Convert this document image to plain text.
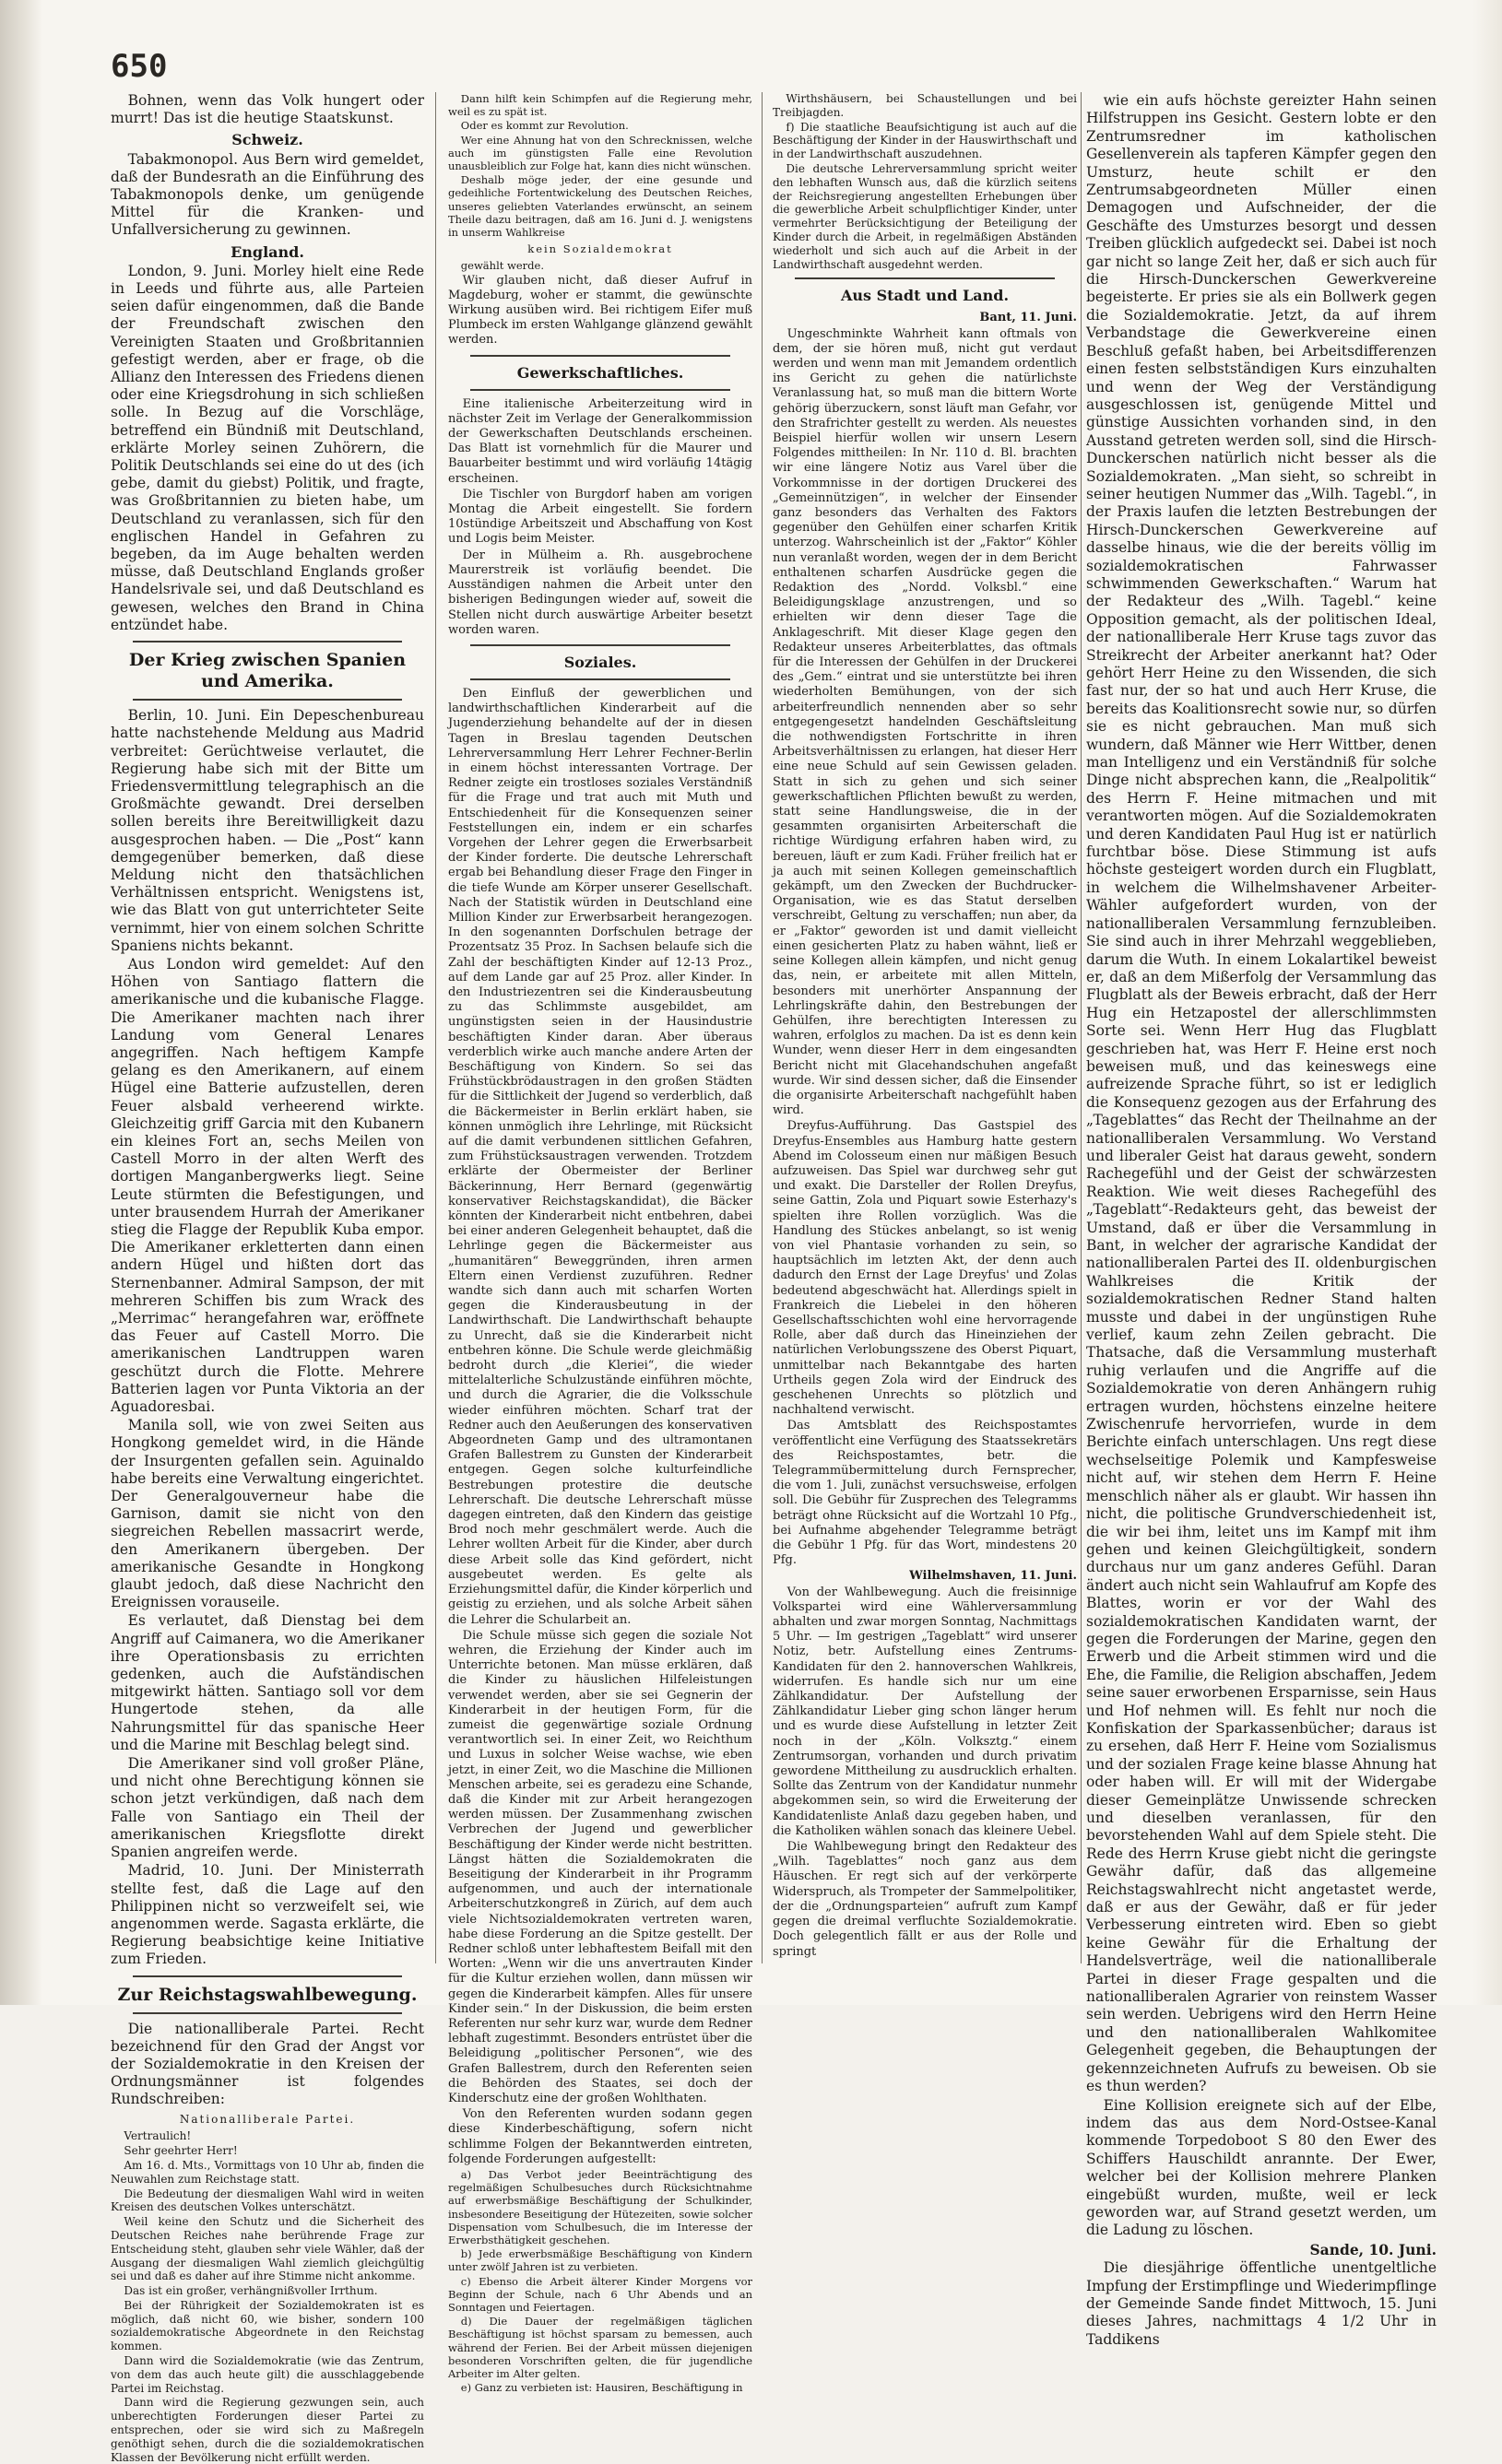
650

Bohnen, wenn das Volk hungert oder murrt! Das ist die heutige Staatskunst.

Schweiz.

Tabakmonopol. Aus Bern wird gemeldet, daß der Bundesrath an die Einführung des Tabakmonopols denke, um genügende Mittel für die Kranken- und Unfallversicherung zu gewinnen.

England.

London, 9. Juni. Morley hielt eine Rede in Leeds und führte aus, alle Parteien seien dafür eingenommen, daß die Bande der Freundschaft zwischen den Vereinigten Staaten und Großbritannien gefestigt werden, aber er frage, ob die Allianz den Interessen des Friedens dienen oder eine Kriegsdrohung in sich schließen solle. In Bezug auf die Vorschläge, betreffend ein Bündniß mit Deutschland, erklärte Morley seinen Zuhörern, die Politik Deutschlands sei eine do ut des (ich gebe, damit du giebst) Politik, und fragte, was Großbritannien zu bieten habe, um Deutschland zu veranlassen, sich für den englischen Handel in Gefahren zu begeben, da im Auge behalten werden müsse, daß Deutschland Englands großer Handelsrivale sei, und daß Deutschland es gewesen, welches den Brand in China entzündet habe.

Der Krieg zwischen Spanien und Amerika.

Berlin, 10. Juni. Ein Depeschenbureau hatte nachstehende Meldung aus Madrid verbreitet: Gerüchtweise verlautet, die Regierung habe sich mit der Bitte um Friedensvermittlung telegraphisch an die Großmächte gewandt. Drei derselben sollen bereits ihre Bereitwilligkeit dazu ausgesprochen haben. — Die „Post“ kann demgegenüber bemerken, daß diese Meldung nicht den thatsächlichen Verhältnissen entspricht. Wenigstens ist, wie das Blatt von gut unterrichteter Seite vernimmt, hier von einem solchen Schritte Spaniens nichts bekannt.

Aus London wird gemeldet: Auf den Höhen von Santiago flattern die amerikanische und die kubanische Flagge. Die Amerikaner machten nach ihrer Landung vom General Lenares angegriffen. Nach heftigem Kampfe gelang es den Amerikanern, auf einem Hügel eine Batterie aufzustellen, deren Feuer alsbald verheerend wirkte. Gleichzeitig griff Garcia mit den Kubanern ein kleines Fort an, sechs Meilen von Castell Morro in der alten Werft des dortigen Manganbergwerks liegt. Seine Leute stürmten die Befestigungen, und unter brausendem Hurrah der Amerikaner stieg die Flagge der Republik Kuba empor. Die Amerikaner erkletterten dann einen andern Hügel und hißten dort das Sternenbanner. Admiral Sampson, der mit mehreren Schiffen bis zum Wrack des „Merrimac“ herangefahren war, eröffnete das Feuer auf Castell Morro. Die amerikanischen Landtruppen waren geschützt durch die Flotte. Mehrere Batterien lagen vor Punta Viktoria an der Aguadoresbai.

Manila soll, wie von zwei Seiten aus Hongkong gemeldet wird, in die Hände der Insurgenten gefallen sein. Aguinaldo habe bereits eine Verwaltung eingerichtet. Der Generalgouverneur habe die Garnison, damit sie nicht von den siegreichen Rebellen massacrirt werde, den Amerikanern übergeben. Der amerikanische Gesandte in Hongkong glaubt jedoch, daß diese Nachricht den Ereignissen vorauseile.

Es verlautet, daß Dienstag bei dem Angriff auf Caimanera, wo die Amerikaner ihre Operationsbasis zu errichten gedenken, auch die Aufständischen mitgewirkt hätten. Santiago soll vor dem Hungertode stehen, da alle Nahrungsmittel für das spanische Heer und die Marine mit Beschlag belegt sind.

Die Amerikaner sind voll großer Pläne, und nicht ohne Berechtigung können sie schon jetzt verkündigen, daß nach dem Falle von Santiago ein Theil der amerikanischen Kriegsflotte direkt Spanien angreifen werde.

Madrid, 10. Juni. Der Ministerrath stellte fest, daß die Lage auf den Philippinen nicht so verzweifelt sei, wie angenommen werde. Sagasta erklärte, die Regierung beabsichtige keine Initiative zum Frieden.

Zur Reichstagswahlbewegung.

Die nationalliberale Partei. Recht bezeichnend für den Grad der Angst vor der Sozialdemokratie in den Kreisen der Ordnungsmänner ist folgendes Rundschreiben:

Nationalliberale Partei.

Vertraulich!

Sehr geehrter Herr!

Am 16. d. Mts., Vormittags von 10 Uhr ab, finden die Neuwahlen zum Reichstage statt.

Die Bedeutung der diesmaligen Wahl wird in weiten Kreisen des deutschen Volkes unterschätzt.

Weil keine den Schutz und die Sicherheit des Deutschen Reiches nahe berührende Frage zur Entscheidung steht, glauben sehr viele Wähler, daß der Ausgang der diesmaligen Wahl ziemlich gleichgültig sei und daß es daher auf ihre Stimme nicht ankomme.

Das ist ein großer, verhängnißvoller Irrthum.

Bei der Rührigkeit der Sozialdemokraten ist es möglich, daß nicht 60, wie bisher, sondern 100 sozialdemokratische Abgeordnete in den Reichstag kommen.

Dann wird die Sozialdemokratie (wie das Zentrum, von dem das auch heute gilt) die ausschlaggebende Partei im Reichstag.

Dann wird die Regierung gezwungen sein, auch unberechtigten Forderungen dieser Partei zu entsprechen, oder sie wird sich zu Maßregeln genöthigt sehen, durch die die sozialdemokratischen Klassen der Bevölkerung nicht erfüllt werden.

Dann hilft kein Schimpfen auf die Regierung mehr, weil es zu spät ist.

Oder es kommt zur Revolution.

Wer eine Ahnung hat von den Schrecknissen, welche auch im günstigsten Falle eine Revolution unausbleiblich zur Folge hat, kann dies nicht wünschen.

Deshalb möge jeder, der eine gesunde und gedeihliche Fortentwickelung des Deutschen Reiches, unseres geliebten Vaterlandes erwünscht, an seinem Theile dazu beitragen, daß am 16. Juni d. J. wenigstens in unserm Wahlkreise

kein Sozialdemokrat

gewählt werde.

Wir glauben nicht, daß dieser Aufruf in Magdeburg, woher er stammt, die gewünschte Wirkung ausüben wird. Bei richtigem Eifer muß Plumbeck im ersten Wahlgange glänzend gewählt werden.

Gewerkschaftliches.

Eine italienische Arbeiterzeitung wird in nächster Zeit im Verlage der Generalkommission der Gewerkschaften Deutschlands erscheinen. Das Blatt ist vornehmlich für die Maurer und Bauarbeiter bestimmt und wird vorläufig 14tägig erscheinen.

Die Tischler von Burgdorf haben am vorigen Montag die Arbeit eingestellt. Sie fordern 10stündige Arbeitszeit und Abschaffung von Kost und Logis beim Meister.

Der in Mülheim a. Rh. ausgebrochene Maurerstreik ist vorläufig beendet. Die Ausständigen nahmen die Arbeit unter den bisherigen Bedingungen wieder auf, soweit die Stellen nicht durch auswärtige Arbeiter besetzt worden waren.

Soziales.

Den Einfluß der gewerblichen und landwirthschaftlichen Kinderarbeit auf die Jugenderziehung behandelte auf der in diesen Tagen in Breslau tagenden Deutschen Lehrerversammlung Herr Lehrer Fechner-Berlin in einem höchst interessanten Vortrage. Der Redner zeigte ein trostloses soziales Verständniß für die Frage und trat auch mit Muth und Entschiedenheit für die Konsequenzen seiner Feststellungen ein, indem er ein scharfes Vorgehen der Lehrer gegen die Erwerbsarbeit der Kinder forderte. Die deutsche Lehrerschaft ergab bei Behandlung dieser Frage den Finger in die tiefe Wunde am Körper unserer Gesellschaft. Nach der Statistik würden in Deutschland eine Million Kinder zur Erwerbsarbeit herangezogen. In den sogenannten Dorfschulen betrage der Prozentsatz 35 Proz. In Sachsen belaufe sich die Zahl der beschäftigten Kinder auf 12-13 Proz., auf dem Lande gar auf 25 Proz. aller Kinder. In den Industriezentren sei die Kinderausbeutung zu das Schlimmste ausgebildet, am ungünstigsten seien in der Hausindustrie beschäftigten Kinder daran. Aber überaus verderblich wirke auch manche andere Arten der Beschäftigung von Kindern. So sei das Frühstückbrödaustragen in den großen Städten für die Sittlichkeit der Jugend so verderblich, daß die Bäckermeister in Berlin erklärt haben, sie können unmöglich ihre Lehrlinge, mit Rücksicht auf die damit verbundenen sittlichen Gefahren, zum Frühstücksaustragen verwenden. Trotzdem erklärte der Obermeister der Berliner Bäckerinnung, Herr Bernard (gegenwärtig konservativer Reichstagskandidat), die Bäcker könnten der Kinderarbeit nicht entbehren, dabei bei einer anderen Gelegenheit behauptet, daß die Lehrlinge gegen die Bäckermeister aus „humanitären“ Beweggründen, ihren armen Eltern einen Verdienst zuzuführen. Redner wandte sich dann auch mit scharfen Worten gegen die Kinderausbeutung in der Landwirthschaft. Die Landwirthschaft behaupte zu Unrecht, daß sie die Kinderarbeit nicht entbehren könne. Die Schule werde gleichmäßig bedroht durch „die Kleriei“, die wieder mittelalterliche Schulzustände einführen möchte, und durch die Agrarier, die die Volksschule wieder einführen möchten. Scharf trat der Redner auch den Aeußerungen des konservativen Abgeordneten Gamp und des ultramontanen Grafen Ballestrem zu Gunsten der Kinderarbeit entgegen. Gegen solche kulturfeindliche Bestrebungen protestire die deutsche Lehrerschaft. Die deutsche Lehrerschaft müsse dagegen eintreten, daß den Kindern das geistige Brod noch mehr geschmälert werde. Auch die Lehrer wollten Arbeit für die Kinder, aber durch diese Arbeit solle das Kind gefördert, nicht ausgebeutet werden. Es gelte als Erziehungsmittel dafür, die Kinder körperlich und geistig zu erziehen, und als solche Arbeit sähen die Lehrer die Schularbeit an.

Die Schule müsse sich gegen die soziale Not wehren, die Erziehung der Kinder auch im Unterrichte betonen. Man müsse erklären, daß die Kinder zu häuslichen Hilfeleistungen verwendet werden, aber sie sei Gegnerin der Kinderarbeit in der heutigen Form, für die zumeist die gegenwärtige soziale Ordnung verantwortlich sei. In einer Zeit, wo Reichthum und Luxus in solcher Weise wachse, wie eben jetzt, in einer Zeit, wo die Maschine die Millionen Menschen arbeite, sei es geradezu eine Schande, daß die Kinder mit zur Arbeit herangezogen werden müssen. Der Zusammenhang zwischen Verbrechen der Jugend und gewerblicher Beschäftigung der Kinder werde nicht bestritten. Längst hätten die Sozialdemokraten die Beseitigung der Kinderarbeit in ihr Programm aufgenommen, und auch der internationale Arbeiterschutzkongreß in Zürich, auf dem auch viele Nichtsozialdemokraten vertreten waren, habe diese Forderung an die Spitze gestellt. Der Redner schloß unter lebhaftestem Beifall mit den Worten: „Wenn wir die uns anvertrauten Kinder für die Kultur erziehen wollen, dann müssen wir gegen die Kinderarbeit kämpfen. Alles für unsere Kinder sein.“ In der Diskussion, die beim ersten Referenten nur sehr kurz war, wurde dem Redner lebhaft zugestimmt. Besonders entrüstet über die Beleidigung „politischer Personen“, wie des Grafen Ballestrem, durch den Referenten seien die Behörden des Staates, sei doch der Kinderschutz eine der großen Wohlthaten.

Von den Referenten wurden sodann gegen diese Kinderbeschäftigung, sofern nicht schlimme Folgen der Bekanntwerden eintreten, folgende Forderungen aufgestellt:

a) Das Verbot jeder Beeinträchtigung des regelmäßigen Schulbesuches durch Rücksichtnahme auf erwerbsmäßige Beschäftigung der Schulkinder, insbesondere Beseitigung der Hütezeiten, sowie solcher Dispensation vom Schulbesuch, die im Interesse der Erwerbsthätigkeit geschehen.

b) Jede erwerbsmäßige Beschäftigung von Kindern unter zwölf Jahren ist zu verbieten.

c) Ebenso die Arbeit älterer Kinder Morgens vor Beginn der Schule, nach 6 Uhr Abends und an Sonntagen und Feiertagen.

d) Die Dauer der regelmäßigen täglichen Beschäftigung ist höchst sparsam zu bemessen, auch während der Ferien. Bei der Arbeit müssen diejenigen besonderen Vorschriften gelten, die für jugendliche Arbeiter im Alter gelten.

e) Ganz zu verbieten ist: Hausiren, Beschäftigung in

Wirthshäusern, bei Schaustellungen und bei Treibjagden.

f) Die staatliche Beaufsichtigung ist auch auf die Beschäftigung der Kinder in der Hauswirthschaft und in der Landwirthschaft auszudehnen.

Die deutsche Lehrerversammlung spricht weiter den lebhaften Wunsch aus, daß die kürzlich seitens der Reichsregierung angestellten Erhebungen über die gewerbliche Arbeit schulpflichtiger Kinder, unter vermehrter Berücksichtigung der Beteiligung der Kinder durch die Arbeit, in regelmäßigen Abständen wiederholt und sich auch auf die Arbeit in der Landwirthschaft ausgedehnt werden.

Aus Stadt und Land.

Bant, 11. Juni.

Ungeschminkte Wahrheit kann oftmals von dem, der sie hören muß, nicht gut verdaut werden und wenn man mit Jemandem ordentlich ins Gericht zu gehen die natürlichste Veranlassung hat, so muß man die bittern Worte gehörig überzuckern, sonst läuft man Gefahr, vor den Strafrichter gestellt zu werden. Als neuestes Beispiel hierfür wollen wir unsern Lesern Folgendes mittheilen: In Nr. 110 d. Bl. brachten wir eine längere Notiz aus Varel über die Vorkommnisse in der dortigen Druckerei des „Gemeinnützigen“, in welcher der Einsender ganz besonders das Verhalten des Faktors gegenüber den Gehülfen einer scharfen Kritik unterzog. Wahrscheinlich ist der „Faktor“ Köhler nun veranlaßt worden, wegen der in dem Bericht enthaltenen scharfen Ausdrücke gegen die Redaktion des „Nordd. Volksbl.“ eine Beleidigungsklage anzustrengen, und so erhielten wir denn dieser Tage die Anklageschrift. Mit dieser Klage gegen den Redakteur unseres Arbeiterblattes, das oftmals für die Interessen der Gehülfen in der Druckerei des „Gem.“ eintrat und sie unterstützte bei ihren wiederholten Bemühungen, von der sich arbeiterfreundlich nennenden aber so sehr entgegengesetzt handelnden Geschäftsleitung die nothwendigsten Fortschritte in ihren Arbeitsverhältnissen zu erlangen, hat dieser Herr eine neue Schuld auf sein Gewissen geladen. Statt in sich zu gehen und sich seiner gewerkschaftlichen Pflichten bewußt zu werden, statt seine Handlungsweise, die in der gesammten organisirten Arbeiterschaft die richtige Würdigung erfahren haben wird, zu bereuen, läuft er zum Kadi. Früher freilich hat er ja auch mit seinen Kollegen gemeinschaftlich gekämpft, um den Zwecken der Buchdrucker-Organisation, wie es das Statut derselben verschreibt, Geltung zu verschaffen; nun aber, da er „Faktor“ geworden ist und damit vielleicht einen gesicherten Platz zu haben wähnt, ließ er seine Kollegen allein kämpfen, und nicht genug das, nein, er arbeitete mit allen Mitteln, besonders mit unerhörter Anspannung der Lehrlingskräfte dahin, den Bestrebungen der Gehülfen, ihre berechtigten Interessen zu wahren, erfolglos zu machen. Da ist es denn kein Wunder, wenn dieser Herr in dem eingesandten Bericht nicht mit Glacehandschuhen angefaßt wurde. Wir sind dessen sicher, daß die Einsender die organisirte Arbeiterschaft nachgefühlt haben wird.

Dreyfus-Aufführung. Das Gastspiel des Dreyfus-Ensembles aus Hamburg hatte gestern Abend im Colosseum einen nur mäßigen Besuch aufzuweisen. Das Spiel war durchweg sehr gut und exakt. Die Darsteller der Rollen Dreyfus, seine Gattin, Zola und Piquart sowie Esterhazy's spielten ihre Rollen vorzüglich. Was die Handlung des Stückes anbelangt, so ist wenig von viel Phantasie vorhanden zu sein, so hauptsächlich im letzten Akt, der denn auch dadurch den Ernst der Lage Dreyfus' und Zolas bedeutend abgeschwächt hat. Allerdings spielt in Frankreich die Liebelei in den höheren Gesellschaftsschichten wohl eine hervorragende Rolle, aber daß durch das Hineinziehen der natürlichen Verlobungsszene des Oberst Piquart, unmittelbar nach Bekanntgabe des harten Urtheils gegen Zola wird der Eindruck des geschehenen Unrechts so plötzlich und nachhaltend verwischt.

Das Amtsblatt des Reichspostamtes veröffentlicht eine Verfügung des Staatssekretärs des Reichspostamtes, betr. die Telegrammübermittelung durch Fernsprecher, die vom 1. Juli, zunächst versuchsweise, erfolgen soll. Die Gebühr für Zusprechen des Telegramms beträgt ohne Rücksicht auf die Wortzahl 10 Pfg., bei Aufnahme abgehender Telegramme beträgt die Gebühr 1 Pfg. für das Wort, mindestens 20 Pfg.

Wilhelmshaven, 11. Juni.

Von der Wahlbewegung. Auch die freisinnige Volkspartei wird eine Wählerversammlung abhalten und zwar morgen Sonntag, Nachmittags 5 Uhr. — Im gestrigen „Tageblatt“ wird unserer Notiz, betr. Aufstellung eines Zentrums-Kandidaten für den 2. hannoverschen Wahlkreis, widerrufen. Es handle sich nur um eine Zählkandidatur. Der Aufstellung der Zählkandidatur Lieber ging schon länger herum und es wurde diese Aufstellung in letzter Zeit noch in der „Köln. Volksztg.“ einem Zentrumsorgan, vorhanden und durch privatim gewordene Mittheilung zu ausdrucklich erhalten. Sollte das Zentrum von der Kandidatur nunmehr abgekommen sein, so wird die Erweiterung der Kandidatenliste Anlaß dazu gegeben haben, und die Katholiken wählen sonach das kleinere Uebel.

Die Wahlbewegung bringt den Redakteur des „Wilh. Tageblattes“ noch ganz aus dem Häuschen. Er regt sich auf der verkörperte Widerspruch, als Trompeter der Sammelpolitiker, der die „Ordnungsparteien“ aufruft zum Kampf gegen die dreimal verfluchte Sozialdemokratie. Doch gelegentlich fällt er aus der Rolle und springt

wie ein aufs höchste gereizter Hahn seinen Hilfstruppen ins Gesicht. Gestern lobte er den Zentrumsredner im katholischen Gesellenverein als tapferen Kämpfer gegen den Umsturz, heute schilt er den Zentrumsabgeordneten Müller einen Demagogen und Aufschneider, der die Geschäfte des Umsturzes besorgt und dessen Treiben glücklich aufgedeckt sei. Dabei ist noch gar nicht so lange Zeit her, daß er sich auch für die Hirsch-Dunckerschen Gewerkvereine begeisterte. Er pries sie als ein Bollwerk gegen die Sozialdemokratie. Jetzt, da auf ihrem Verbandstage die Gewerkvereine einen Beschluß gefaßt haben, bei Arbeitsdifferenzen einen festen selbstständigen Kurs einzuhalten und wenn der Weg der Verständigung ausgeschlossen ist, genügende Mittel und günstige Aussichten vorhanden sind, in den Ausstand getreten werden soll, sind die Hirsch-Dunckerschen natürlich nicht besser als die Sozialdemokraten. „Man sieht, so schreibt in seiner heutigen Nummer das „Wilh. Tagebl.“, in der Praxis laufen die letzten Bestrebungen der Hirsch-Dunckerschen Gewerkvereine auf dasselbe hinaus, wie die der bereits völlig im sozialdemokratischen Fahrwasser schwimmenden Gewerkschaften.“ Warum hat der Redakteur des „Wilh. Tagebl.“ keine Opposition gemacht, als der politischen Ideal, der nationalliberale Herr Kruse tags zuvor das Streikrecht der Arbeiter anerkannt hat? Oder gehört Herr Heine zu den Wissenden, die sich fast nur, der so hat und auch Herr Kruse, die bereits das Koalitionsrecht sowie nur, so dürfen sie es nicht gebrauchen. Man muß sich wundern, daß Männer wie Herr Wittber, denen man Intelligenz und ein Verständniß für solche Dinge nicht absprechen kann, die „Realpolitik“ des Herrn F. Heine mitmachen und mit verantworten mögen. Auf die Sozialdemokraten und deren Kandidaten Paul Hug ist er natürlich furchtbar böse. Diese Stimmung ist aufs höchste gesteigert worden durch ein Flugblatt, in welchem die Wilhelmshavener Arbeiter-Wähler aufgefordert wurden, von der nationalliberalen Versammlung fernzubleiben. Sie sind auch in ihrer Mehrzahl weggeblieben, darum die Wuth. In einem Lokalartikel beweist er, daß an dem Mißerfolg der Versammlung das Flugblatt als der Beweis erbracht, daß der Herr Hug ein Hetzapostel der allerschlimmsten Sorte sei. Wenn Herr Hug das Flugblatt geschrieben hat, was Herr F. Heine erst noch beweisen muß, und das keineswegs eine aufreizende Sprache führt, so ist er lediglich die Konsequenz gezogen aus der Erfahrung des „Tageblattes“ das Recht der Theilnahme an der nationalliberalen Versammlung. Wo Verstand und liberaler Geist hat daraus geweht, sondern Rachegefühl und der Geist der schwärzesten Reaktion. Wie weit dieses Rachegefühl des „Tageblatt“-Redakteurs geht, das beweist der Umstand, daß er über die Versammlung in Bant, in welcher der agrarische Kandidat der nationalliberalen Partei des II. oldenburgischen Wahlkreises die Kritik der sozialdemokratischen Redner Stand halten musste und dabei in der ungünstigen Ruhe verlief, kaum zehn Zeilen gebracht. Die Thatsache, daß die Versammlung musterhaft ruhig verlaufen und die Angriffe auf die Sozialdemokratie von deren Anhängern ruhig ertragen wurden, höchstens einzelne heitere Zwischenrufe hervorriefen, wurde in dem Berichte einfach unterschlagen. Uns regt diese wechselseitige Polemik und Kampfesweise nicht auf, wir stehen dem Herrn F. Heine menschlich näher als er glaubt. Wir hassen ihn nicht, die politische Grundverschiedenheit ist, die wir bei ihm, leitet uns im Kampf mit ihm gehen und keinen Gleichgültigkeit, sondern durchaus nur um ganz anderes Gefühl. Daran ändert auch nicht sein Wahlaufruf am Kopfe des Blattes, worin er vor der Wahl des sozialdemokratischen Kandidaten warnt, der gegen die Forderungen der Marine, gegen den Erwerb und die Arbeit stimmen wird und die Ehe, die Familie, die Religion abschaffen, Jedem seine sauer erworbenen Ersparnisse, sein Haus und Hof nehmen will. Es fehlt nur noch die Konfiskation der Sparkassenbücher; daraus ist zu ersehen, daß Herr F. Heine vom Sozialismus und der sozialen Frage keine blasse Ahnung hat oder haben will. Er will mit der Widergabe dieser Gemeinplätze Unwissende schrecken und dieselben veranlassen, für den bevorstehenden Wahl auf dem Spiele steht. Die Rede des Herrn Kruse giebt nicht die geringste Gewähr dafür, daß das allgemeine Reichstagswahlrecht nicht angetastet werde, daß er aus der Gewähr, daß er für jeder Verbesserung eintreten wird. Eben so giebt keine Gewähr für die Erhaltung der Handelsverträge, weil die nationalliberale Partei in dieser Frage gespalten und die nationalliberalen Agrarier von reinstem Wasser sein werden. Uebrigens wird den Herrn Heine und den nationalliberalen Wahlkomitee Gelegenheit gegeben, die Behauptungen der gekennzeichneten Aufrufs zu beweisen. Ob sie es thun werden?

Eine Kollision ereignete sich auf der Elbe, indem das aus dem Nord-Ostsee-Kanal kommende Torpedoboot S 80 den Ewer des Schiffers Hauschildt anrannte. Der Ewer, welcher bei der Kollision mehrere Planken eingebüßt wurden, mußte, weil er leck geworden war, auf Strand gesetzt werden, um die Ladung zu löschen.

Sande, 10. Juni.

Die diesjährige öffentliche unentgeltliche Impfung der Erstimpflinge und Wiederimpflinge der Gemeinde Sande findet Mittwoch, 15. Juni dieses Jahres, nachmittags 4 1/2 Uhr in Taddikens
